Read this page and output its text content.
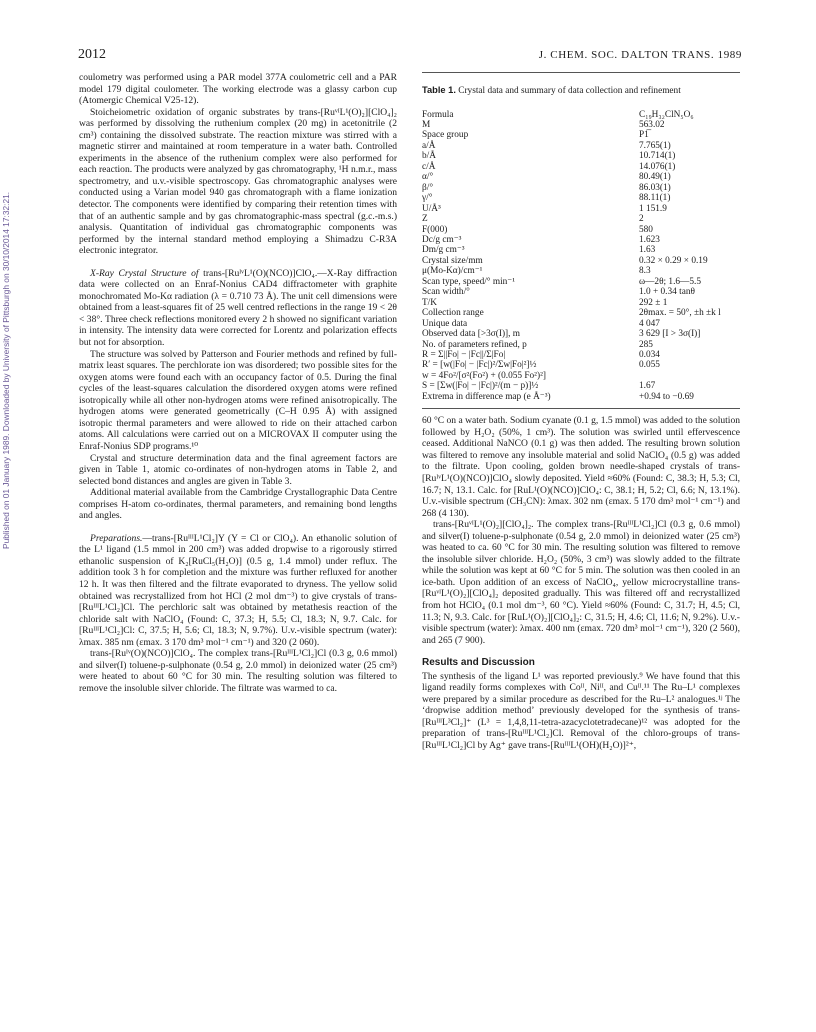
Published on 01 January 1989. Downloaded by University of Pittsburgh on 30/10/2014 17:32:21.
2012	J. CHEM. SOC. DALTON TRANS. 1989

coulometry was performed using a PAR model 377A coulometric cell and a PAR model 179 digital coulometer. The working electrode was a glassy carbon cup (Atomergic Chemical V25-12).

Stoicheiometric oxidation of organic substrates by trans-[RuᵛᴵL¹(O)₂][ClO₄]₂ was performed by dissolving the ruthenium complex (20 mg) in acetonitrile (2 cm³) containing the dissolved substrate. The reaction mixture was stirred with a magnetic stirrer and maintained at room temperature in a water bath. Controlled experiments in the absence of the ruthenium complex were also performed for each reaction. The products were analyzed by gas chromatography, ¹H n.m.r., mass spectrometry, and u.v.-visible spectroscopy. Gas chromatographic analyses were conducted using a Varian model 940 gas chromatograph with a flame ionization detector. The components were identified by comparing their retention times with that of an authentic sample and by gas chromatographic-mass spectral (g.c.-m.s.) analysis. Quantitation of individual gas chromatographic components was performed by the internal standard method employing a Shimadzu C-R3A electronic integrator.

X-Ray Crystal Structure of trans-[RuᴵᵛL¹(O)(NCO)]ClO₄.—X-Ray diffraction data were collected on an Enraf-Nonius CAD4 diffractometer with graphite monochromated Mo-Kα radiation (λ = 0.710 73 Å). The unit cell dimensions were obtained from a least-squares fit of 25 well centred reflections in the range 19 < 2θ < 38°. Three check reflections monitored every 2 h showed no significant variation in intensity. The intensity data were corrected for Lorentz and polarization effects but not for absorption.

The structure was solved by Patterson and Fourier methods and refined by full-matrix least squares. The perchlorate ion was disordered; two possible sites for the oxygen atoms were found each with an occupancy factor of 0.5. During the final cycles of the least-squares calculation the disordered oxygen atoms were refined isotropically while all other non-hydrogen atoms were refined anisotropically. The hydrogen atoms were generated geometrically (C–H 0.95 Å) with assigned isotropic thermal parameters and were allowed to ride on their attached carbon atoms. All calculations were carried out on a MICROVAX II computer using the Enraf-Nonius SDP programs.¹⁰

Crystal and structure determination data and the final agreement factors are given in Table 1, atomic co-ordinates of non-hydrogen atoms in Table 2, and selected bond distances and angles are given in Table 3.

Additional material available from the Cambridge Crystallographic Data Centre comprises H-atom co-ordinates, thermal parameters, and remaining bond lengths and angles.

Preparations.—trans-[RuᴵᴵᴵL¹Cl₂]Y (Y = Cl or ClO₄). An ethanolic solution of the L¹ ligand (1.5 mmol in 200 cm³) was added dropwise to a rigorously stirred ethanolic suspension of K₂[RuCl₅(H₂O)] (0.5 g, 1.4 mmol) under reflux. The addition took 3 h for completion and the mixture was further refluxed for another 12 h. It was then filtered and the filtrate evaporated to dryness. The yellow solid obtained was recrystallized from hot HCl (2 mol dm⁻³) to give crystals of trans-[RuᴵᴵᴵL¹Cl₂]Cl. The perchloric salt was obtained by metathesis reaction of the chloride salt with NaClO₄ (Found: C, 37.3; H, 5.5; Cl, 18.3; N, 9.7. Calc. for [RuᴵᴵᴵL¹Cl₂]Cl: C, 37.5; H, 5.6; Cl, 18.3; N, 9.7%). U.v.-visible spectrum (water): λmax. 385 nm (εmax. 3 170 dm³ mol⁻¹ cm⁻¹) and 320 (2 060).

trans-[Ruᴵᵛ(O)(NCO)]ClO₄. The complex trans-[RuᴵᴵᴵL¹Cl₂]Cl (0.3 g, 0.6 mmol) and silver(I) toluene-p-sulphonate (0.54 g, 2.0 mmol) in deionized water (25 cm³) were heated to about 60 °C for 30 min. The resulting solution was filtered to remove the insoluble silver chloride. The filtrate was warmed to ca.

Table 1. Crystal data and summary of data collection and refinement
Formula	C₁₉H₃₂ClN₅O₆
M	563.02
Space group	P1̅
a/Å	7.765(1)
b/Å	10.714(1)
c/Å	14.076(1)
α/°	80.49(1)
β/°	86.03(1)
γ/°	88.11(1)
U/Å³	1 151.9
Z	2
F(000)	580
Dc/g cm⁻³	1.623
Dm/g cm⁻³	1.63
Crystal size/mm	0.32 × 0.29 × 0.19
μ(Mo-Kα)/cm⁻¹	8.3
Scan type, speed/° min⁻¹	ω—2θ; 1.6—5.5
Scan width/°	1.0 + 0.34 tanθ
T/K	292 ± 1
Collection range	2θmax. = 50°, ±h ±k l
Unique data	4 047
Observed data [>3σ(I)], m	3 629 [I > 3σ(I)]
No. of parameters refined, p	285
R = Σ||Fo| − |Fc||/Σ|Fo|	0.034
R′ = [w(|Fo| − |Fc|)²/Σw|Fo|²]½	0.055
w = 4Fo²/[σ²(Fo²) + (0.055 Fo²)²]	
S = [Σw(|Fo| − |Fc|)²/(m − p)]½	1.67
Extrema in difference map (e Å⁻³)	+0.94 to −0.69

60 °C on a water bath. Sodium cyanate (0.1 g, 1.5 mmol) was added to the solution followed by H₂O₂ (50%, 1 cm³). The solution was swirled until effervescence ceased. Additional NaNCO (0.1 g) was then added. The resulting brown solution was filtered to remove any insoluble material and solid NaClO₄ (0.5 g) was added to the filtrate. Upon cooling, golden brown needle-shaped crystals of trans-[RuᴵᵛL¹(O)(NCO)]ClO₄ slowly deposited. Yield ≈60% (Found: C, 38.3; H, 5.3; Cl, 16.7; N, 13.1. Calc. for [RuL¹(O)(NCO)]ClO₄: C, 38.1; H, 5.2; Cl, 6.6; N, 13.1%). U.v.-visible spectrum (CH₃CN): λmax. 302 nm (εmax. 5 170 dm³ mol⁻¹ cm⁻¹) and 268 (4 130).

trans-[RuᵛᴵL¹(O)₂][ClO₄]₂. The complex trans-[RuᴵᴵᴵL¹Cl₂]Cl (0.3 g, 0.6 mmol) and silver(I) toluene-p-sulphonate (0.54 g, 2.0 mmol) in deionized water (25 cm³) was heated to ca. 60 °C for 30 min. The resulting solution was filtered to remove the insoluble silver chloride. H₂O₂ (50%, 3 cm³) was slowly added to the filtrate while the solution was kept at 60 °C for 5 min. The solution was then cooled in an ice-bath. Upon addition of an excess of NaClO₄, yellow microcrystalline trans-[RuᵛᴵL¹(O)₂][ClO₄]₂ deposited gradually. This was filtered off and recrystallized from hot HClO₄ (0.1 mol dm⁻³, 60 °C). Yield ≈60% (Found: C, 31.7; H, 4.5; Cl, 11.3; N, 9.3. Calc. for [RuL¹(O)₂][ClO₄]₂: C, 31.5; H, 4.6; Cl, 11.6; N, 9.2%). U.v.-visible spectrum (water): λmax. 400 nm (εmax. 720 dm³ mol⁻¹ cm⁻¹), 320 (2 560), and 265 (7 900).

Results and Discussion

The synthesis of the ligand L¹ was reported previously.⁹ We have found that this ligand readily forms complexes with Coᴵᴵ, Niᴵᴵ, and Cuᴵᴵ.¹¹ The Ru–L¹ complexes were prepared by a similar procedure as described for the Ru–L² analogues.¹ʲ The ‘dropwise addition method’ previously developed for the synthesis of trans-[RuᴵᴵᴵL³Cl₂]⁺ (L³ = 1,4,8,11-tetra-azacyclotetradecane)¹² was adopted for the preparation of trans-[RuᴵᴵᴵL¹Cl₂]Cl. Removal of the chloro-groups of trans-[RuᴵᴵᴵL¹Cl₂]Cl by Ag⁺ gave trans-[RuᴵᴵᴵL¹(OH)(H₂O)]²⁺,
